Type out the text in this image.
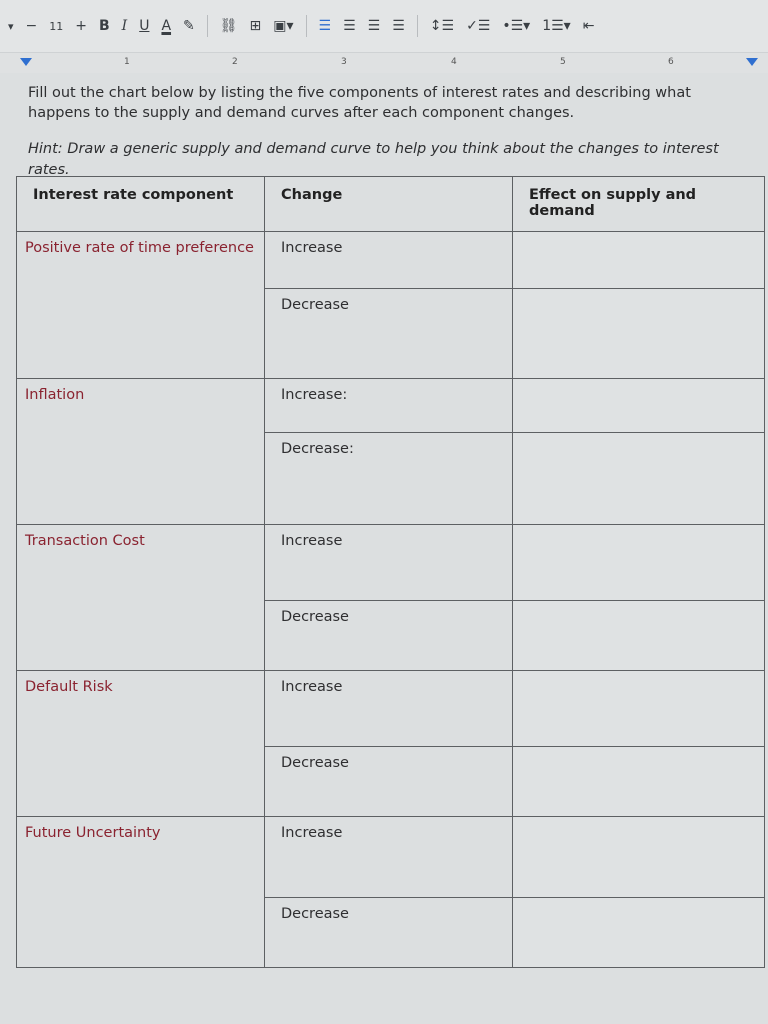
▾ − 11 + B I U A ✎ ⛓ ⊞ ▣▾ ☰ ☰ ☰ ☰ ↕☰ ✓☰ •☰▾ 1☰▾ ⇤
1	2	3	4	5	6
Fill out the chart below by listing the five components of interest rates and describing what happens to the supply and demand curves after each component changes.
Hint: Draw a generic supply and demand curve to help you think about the changes to interest rates.
Interest rate component	Change	Effect on supply and demand
Positive rate of time preference	Increase	
	Decrease	
Inflation	Increase:	
	Decrease:	
Transaction Cost	Increase	
	Decrease	
Default Risk	Increase	
	Decrease	
Future Uncertainty	Increase	
	Decrease	
